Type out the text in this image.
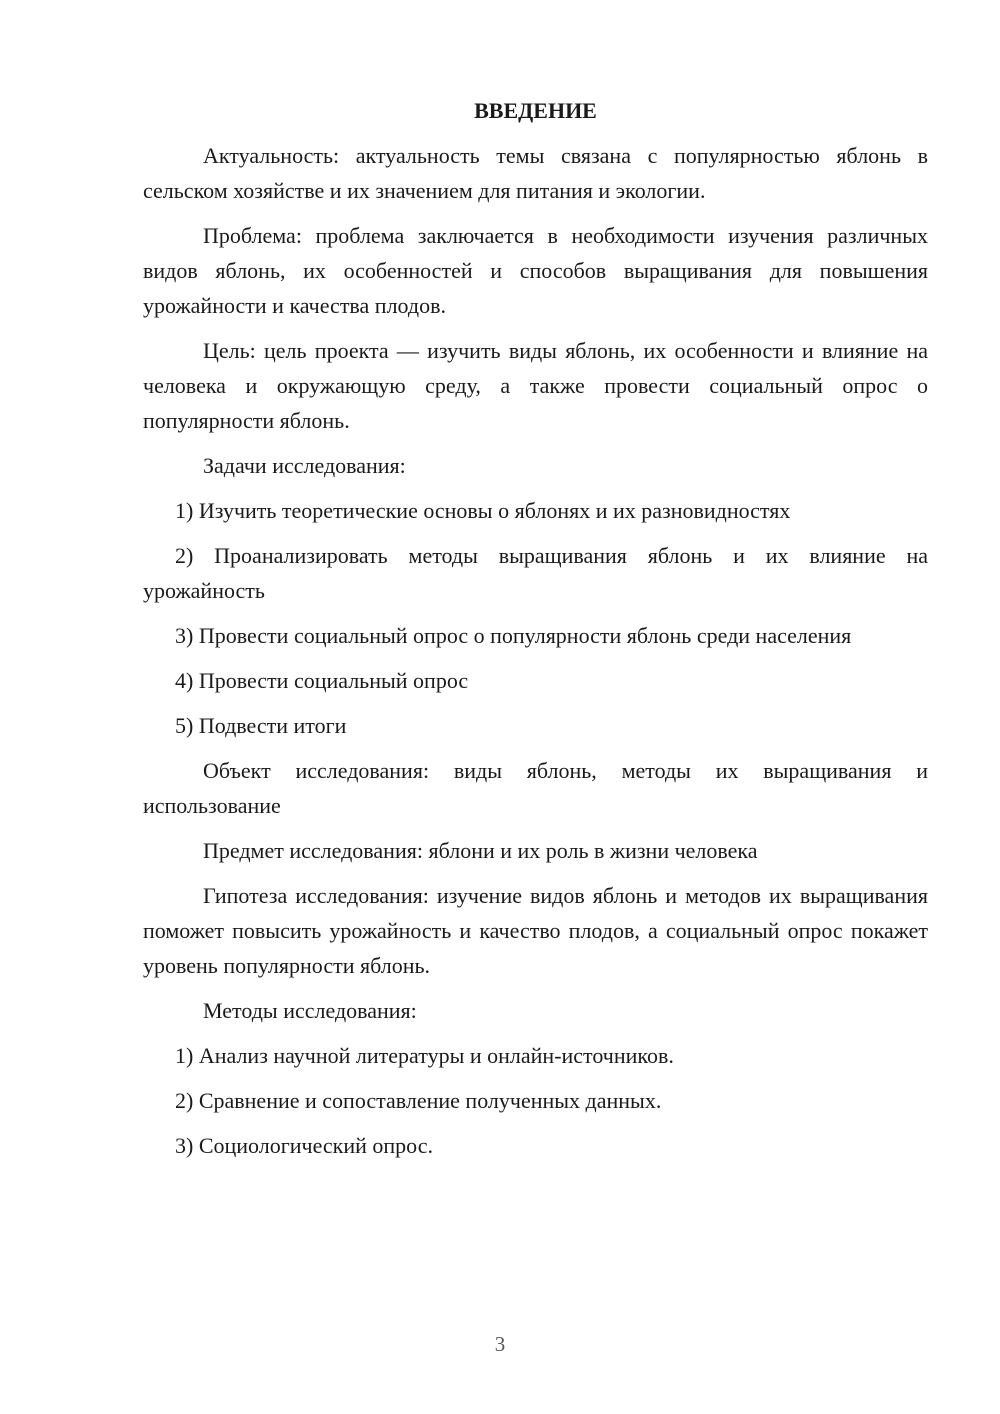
ВВЕДЕНИЕ

Актуальность: актуальность темы связана с популярностью яблонь в сельском хозяйстве и их значением для питания и экологии.

Проблема: проблема заключается в необходимости изучения различных видов яблонь, их особенностей и способов выращивания для повышения урожайности и качества плодов.

Цель: цель проекта — изучить виды яблонь, их особенности и влияние на человека и окружающую среду, а также провести социальный опрос о популярности яблонь.

Задачи исследования:

1) Изучить теоретические основы о яблонях и их разновидностях

2) Проанализировать методы выращивания яблонь и их влияние на урожайность

3) Провести социальный опрос о популярности яблонь среди населения

4) Провести социальный опрос

5) Подвести итоги

Объект исследования: виды яблонь, методы их выращивания и использование

Предмет исследования: яблони и их роль в жизни человека

Гипотеза исследования: изучение видов яблонь и методов их выращивания поможет повысить урожайность и качество плодов, а социальный опрос покажет уровень популярности яблонь.

Методы исследования:

1) Анализ научной литературы и онлайн-источников.

2) Сравнение и сопоставление полученных данных.

3) Социологический опрос.

3
